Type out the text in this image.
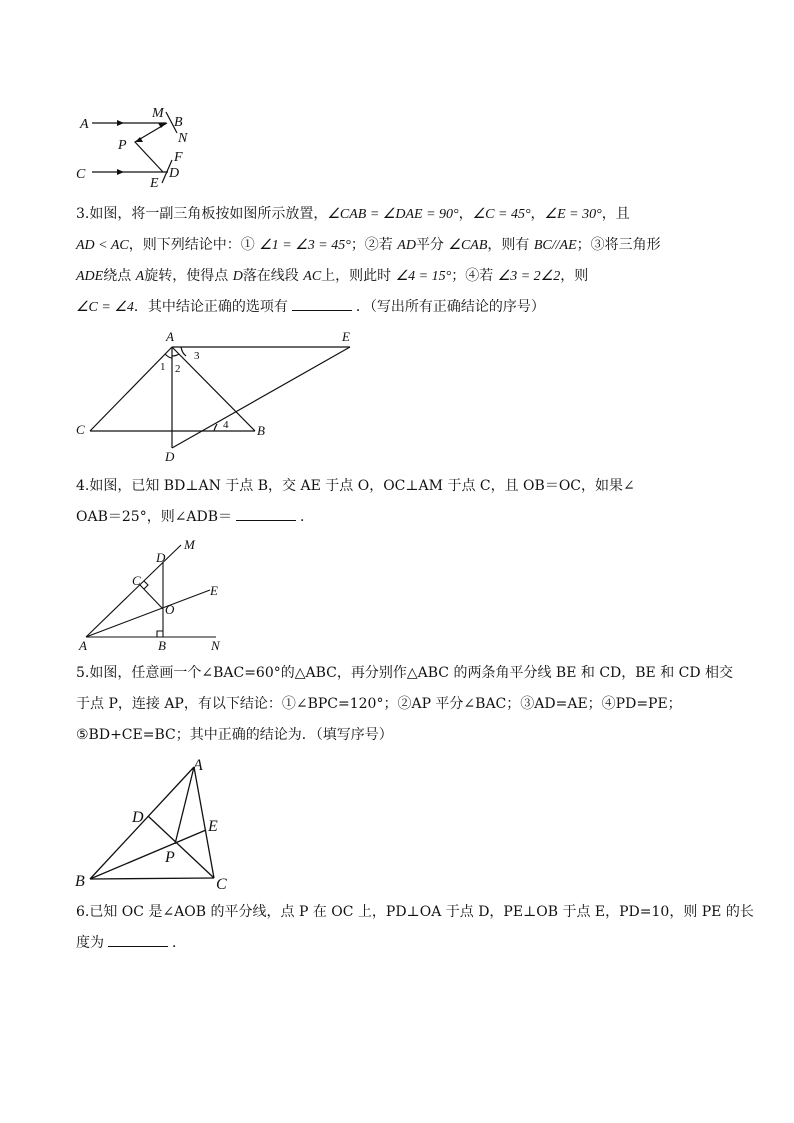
A
M
B
N
P
F
C	D
E
3.如图，将一副三角板按如图所示放置，∠CAB = ∠DAE = 90°，∠C = 45°，∠E = 30°，且
AD < AC，则下列结论中：① ∠1 = ∠3 = 45°；②若 AD平分 ∠CAB，则有 BC//AE；③将三角形
ADE绕点 A旋转，使得点 D落在线段 AC上，则此时 ∠4 = 15°；④若 ∠3 = 2∠2，则
∠C = ∠4．其中结论正确的选项有	．（写出所有正确结论的序号）
A	E
C	B
D
1 2
3
4
4.如图，已知 BD⊥AN 于点 B，交 AE 于点 O，OC⊥AM 于点 C，且 OB＝OC，如果∠
OAB＝25°，则∠ADB＝	．
D
M
C
E
O
A	B	N
5.如图，任意画一个∠BAC=60°的△ABC，再分别作△ABC 的两条角平分线 BE 和 CD，BE 和 CD 相交
于点 P，连接 AP，有以下结论：①∠BPC=120°；②AP 平分∠BAC；③AD=AE；④PD=PE；
⑤BD+CE=BC；其中正确的结论为．（填写序号）
A
D
E
P
B	C
6.已知 OC 是∠AOB 的平分线，点 P 在 OC 上，PD⊥OA 于点 D，PE⊥OB 于点 E，PD=10，则 PE 的长
度为	．
